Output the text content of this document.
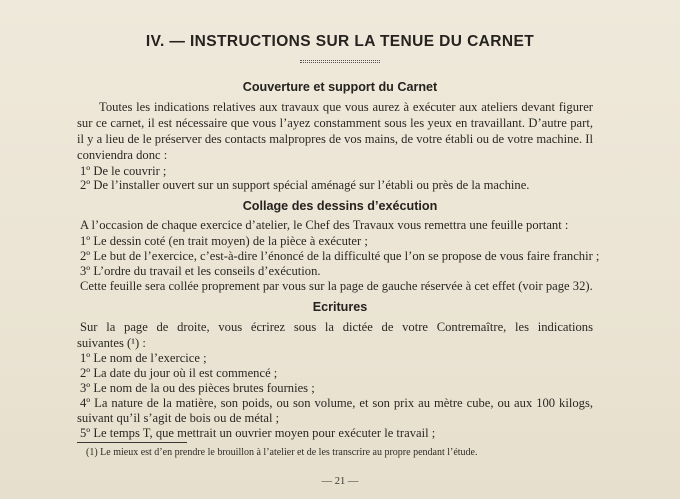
IV. — INSTRUCTIONS SUR LA TENUE DU CARNET
Couverture et support du Carnet
Toutes les indications relatives aux travaux que vous aurez à exécuter aux ateliers devant figurer
sur ce carnet, il est nécessaire que vous l’ayez constamment sous les yeux en travaillant. D’autre part,
il y a lieu de le préserver des contacts malpropres de vos mains, de votre établi ou de votre machine. Il
conviendra donc :
1º De le couvrir ;
2º De l’installer ouvert sur un support spécial aménagé sur l’établi ou près de la machine.
Collage des dessins d’exécution
A l’occasion de chaque exercice d’atelier, le Chef des Travaux vous remettra une feuille portant :
1º Le dessin coté (en trait moyen) de la pièce à exécuter ;
2º Le but de l’exercice, c’est-à-dire l’énoncé de la difficulté que l’on se propose de vous faire franchir ;
3º L’ordre du travail et les conseils d’exécution.
Cette feuille sera collée proprement par vous sur la page de gauche réservée à cet effet (voir page 32).
Ecritures
Sur la page de droite, vous écrirez sous la dictée de votre Contremaître, les indications
suivantes (¹) :
1º Le nom de l’exercice ;
2º La date du jour où il est commencé ;
3º Le nom de la ou des pièces brutes fournies ;
4º La nature de la matière, son poids, ou son volume, et son prix au mètre cube, ou aux 100 kilogs,
suivant qu’il s’agit de bois ou de métal ;
5º Le temps T, que mettrait un ouvrier moyen pour exécuter le travail ;
(1) Le mieux est d’en prendre le brouillon à l’atelier et de les transcrire au propre pendant l’étude.
— 21 —
